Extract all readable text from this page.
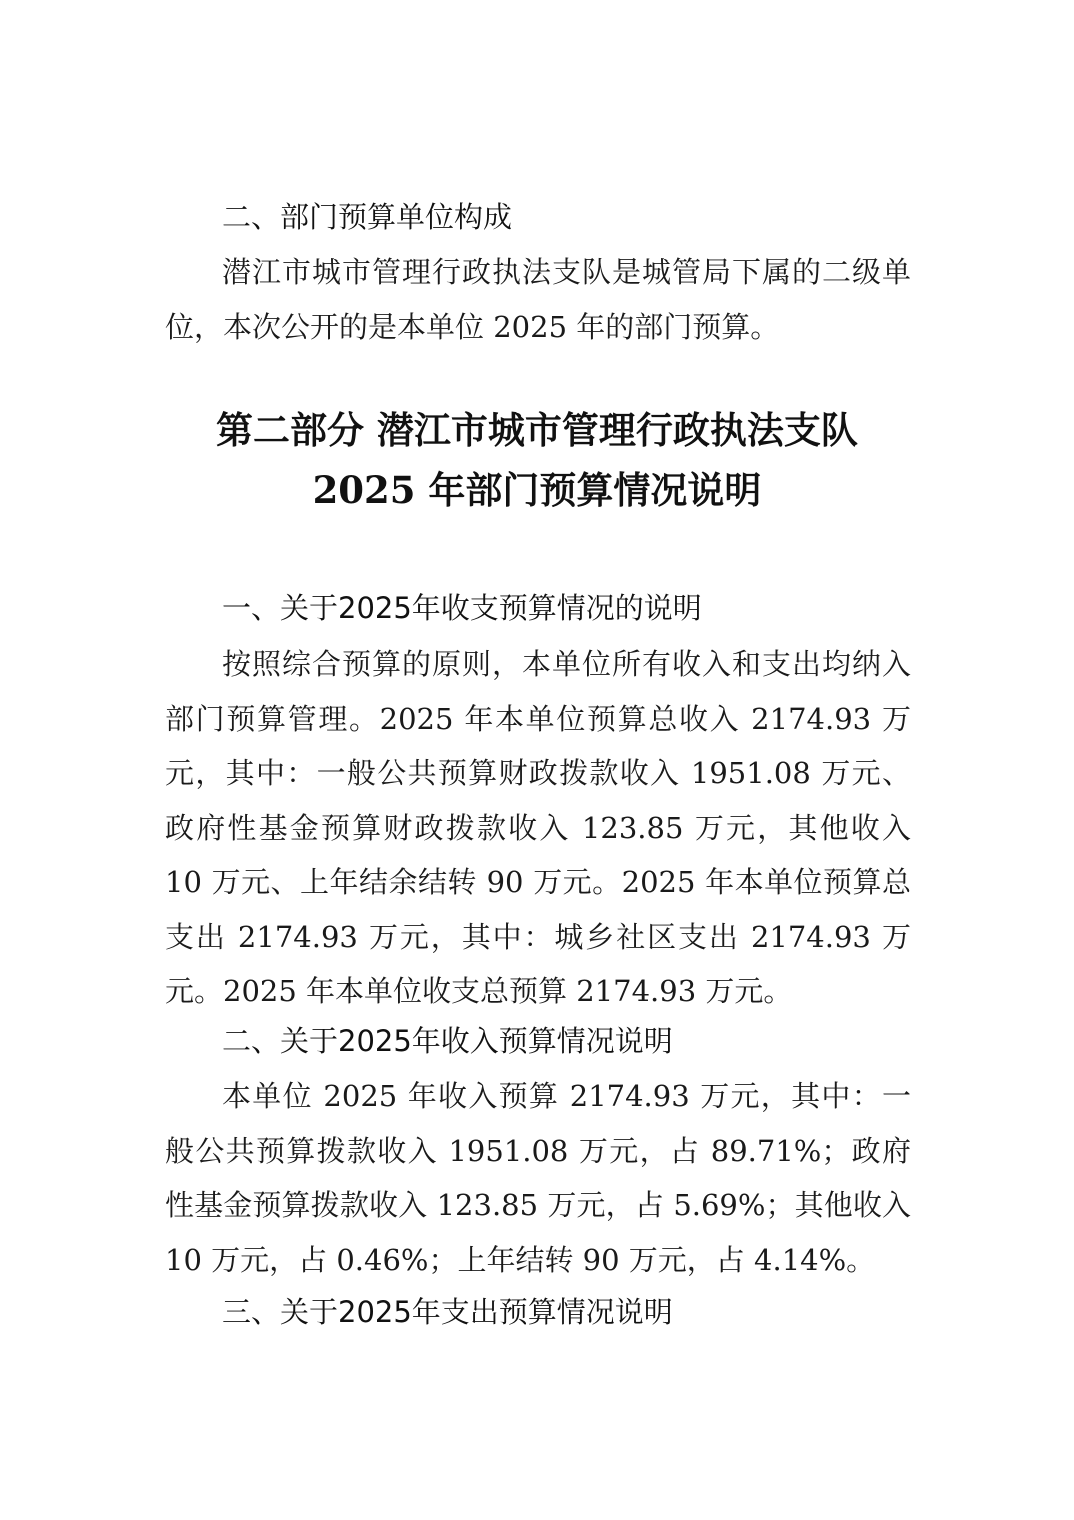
二、部门预算单位构成

潜江市城市管理行政执法支队是城管局下属的二级单位，本次公开的是本单位 2025 年的部门预算。

第二部分 潜江市城市管理行政执法支队
2025 年部门预算情况说明
一、关于2025年收支预算情况的说明

按照综合预算的原则，本单位所有收入和支出均纳入部门预算管理。2025 年本单位预算总收入 2174.93 万元，其中：一般公共预算财政拨款收入 1951.08 万元、政府性基金预算财政拨款收入 123.85 万元，其他收入 10 万元、上年结余结转 90 万元。2025 年本单位预算总支出 2174.93 万元，其中：城乡社区支出 2174.93 万元。2025 年本单位收支总预算 2174.93 万元。

二、关于2025年收入预算情况说明

本单位 2025 年收入预算 2174.93 万元，其中：一般公共预算拨款收入 1951.08 万元，占 89.71%；政府性基金预算拨款收入 123.85 万元，占 5.69%；其他收入 10 万元，占 0.46%；上年结转 90 万元，占 4.14%。

三、关于2025年支出预算情况说明
